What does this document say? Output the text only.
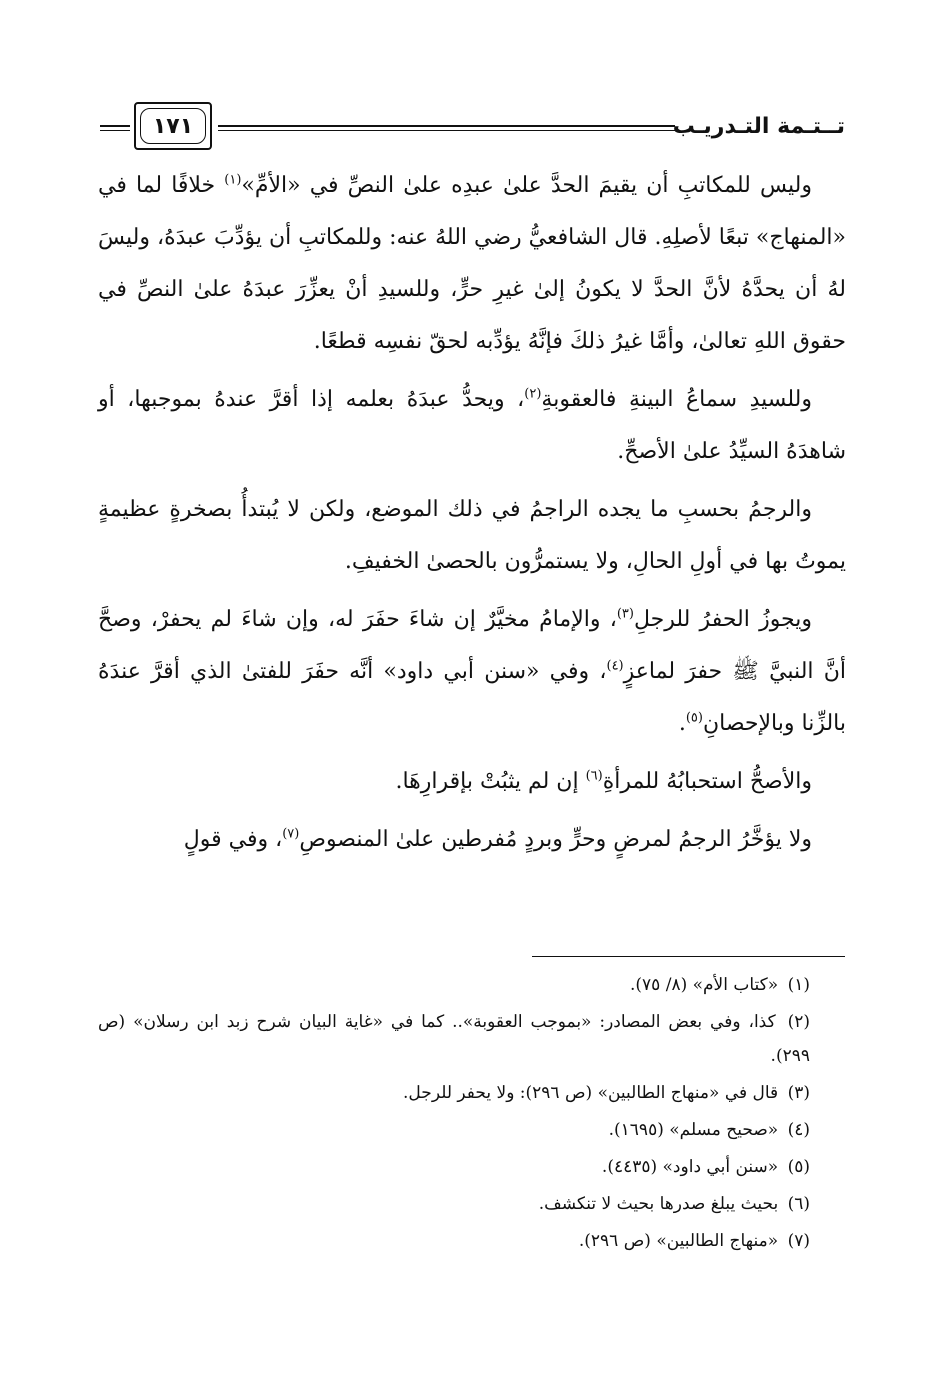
تــتـمة التـدريـب
١٧١

وليس للمكاتبِ أن يقيمَ الحدَّ علىٰ عبدِه علىٰ النصِّ في «الأمِّ»$^{(١)}$ خلافًا لما في «المنهاج» تبعًا لأصلِهِ. قال الشافعيُّ رضي اللهُ عنه: وللمكاتبِ أن يؤدِّبَ عبدَهُ، وليسَ لهُ أن يحدَّهُ لأنَّ الحدَّ لا يكونُ إلىٰ غيرِ حرٍّ، وللسيدِ أنْ يعزِّرَ عبدَهُ علىٰ النصِّ في حقوق اللهِ تعالىٰ، وأمَّا غيرُ ذلكَ فإنَّهُ يؤدِّبه لحقّ نفسِه قطعًا.

وللسيدِ سماعُ البينةِ فالعقوبةِ$^{(٢)}$، ويحدُّ عبدَهُ بعلمه إذا أقرَّ عندهُ بموجبها، أو شاهدَهُ السيِّدُ علىٰ الأصحِّ.

والرجمُ بحسبِ ما يجده الراجمُ في ذلك الموضع، ولكن لا يُبتدأُ بصخرةٍ عظيمةٍ يموتُ بها في أولِ الحالِ، ولا يستمرُّون بالحصىٰ الخفيفِ.

ويجوزُ الحفرُ للرجلِ$^{(٣)}$، والإمامُ مخيَّرٌ إن شاءَ حفَرَ له، وإن شاءَ لم يحفرْ، وصحَّ أنَّ النبيَّ ﷺ حفرَ لماعزٍ$^{(٤)}$، وفي «سنن أبي داود» أنَّه حفَرَ للفتىٰ الذي أقرَّ عندَهُ بالزِّنا وبالإحصانِ$^{(٥)}$.

والأصحُّ استحبابُهُ للمرأةِ$^{(٦)}$ إن لم يثبُتْ بإقرارِهَا.

ولا يؤخَّرُ الرجمُ لمرضٍ وحرٍّ وبردٍ مُفرطين علىٰ المنصوصِ$^{(٧)}$، وفي قولٍ

(١) «كتاب الأم» (٨/ ٧٥).

(٢) كذا، وفي بعض المصادر: «بموجب العقوبة».. كما في «غاية البيان شرح زبد ابن رسلان» (ص ٢٩٩).

(٣) قال في «منهاج الطالبين» (ص ٢٩٦): ولا يحفر للرجل.

(٤) «صحيح مسلم» (١٦٩٥).

(٥) «سنن أبي داود» (٤٤٣٥).

(٦) بحيث يبلغ صدرها بحيث لا تنكشف.

(٧) «منهاج الطالبين» (ص ٢٩٦).
